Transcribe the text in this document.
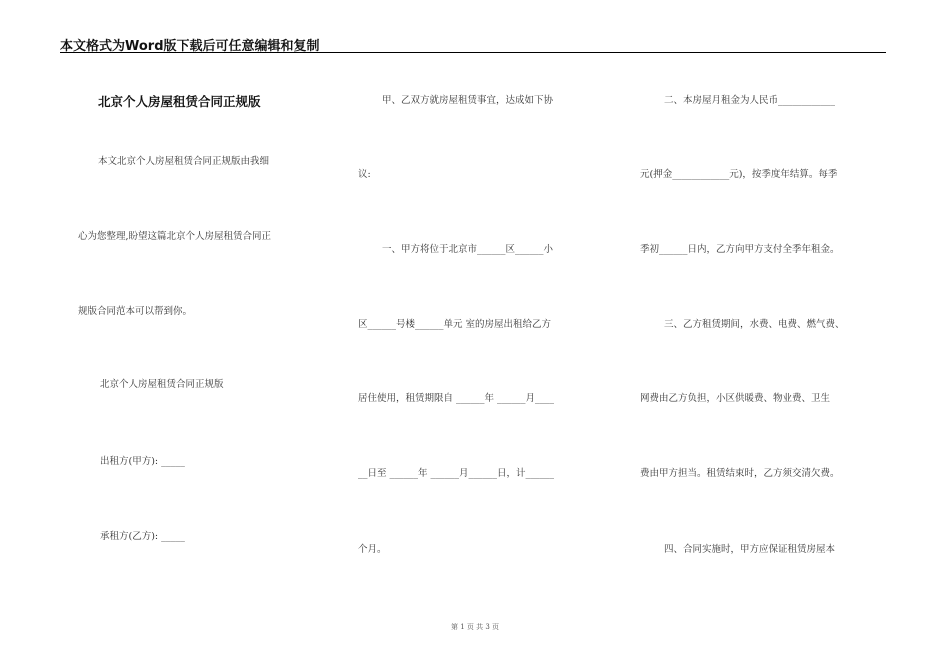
本文格式为Word版下载后可任意编辑和复制
北京个人房屋租赁合同正规版
本文北京个人房屋租赁合同正规版由我细
心为您整理,盼望这篇北京个人房屋租赁合同正
规版合同范本可以帮到你。
北京个人房屋租赁合同正规版
出租方(甲方): _____
承租方(乙方): _____
甲、乙双方就房屋租赁事宜，达成如下协
议:
一、甲方将位于北京市______区______小
区______号楼______单元 室的房屋出租给乙方
居住使用，租赁期限自 ______年 ______月____
__日至 ______年 ______月______日，计______
个月。
二、本房屋月租金为人民币____________
元(押金____________元)，按季度年结算。每季
季初______日内，乙方向甲方支付全季年租金。
三、乙方租赁期间，水费、电费、燃气费、
网费由乙方负担，小区供暖费、物业费、卫生
费由甲方担当。租赁结束时，乙方须交清欠费。
四、合同实施时，甲方应保证租赁房屋本
第 1 页 共 3 页
